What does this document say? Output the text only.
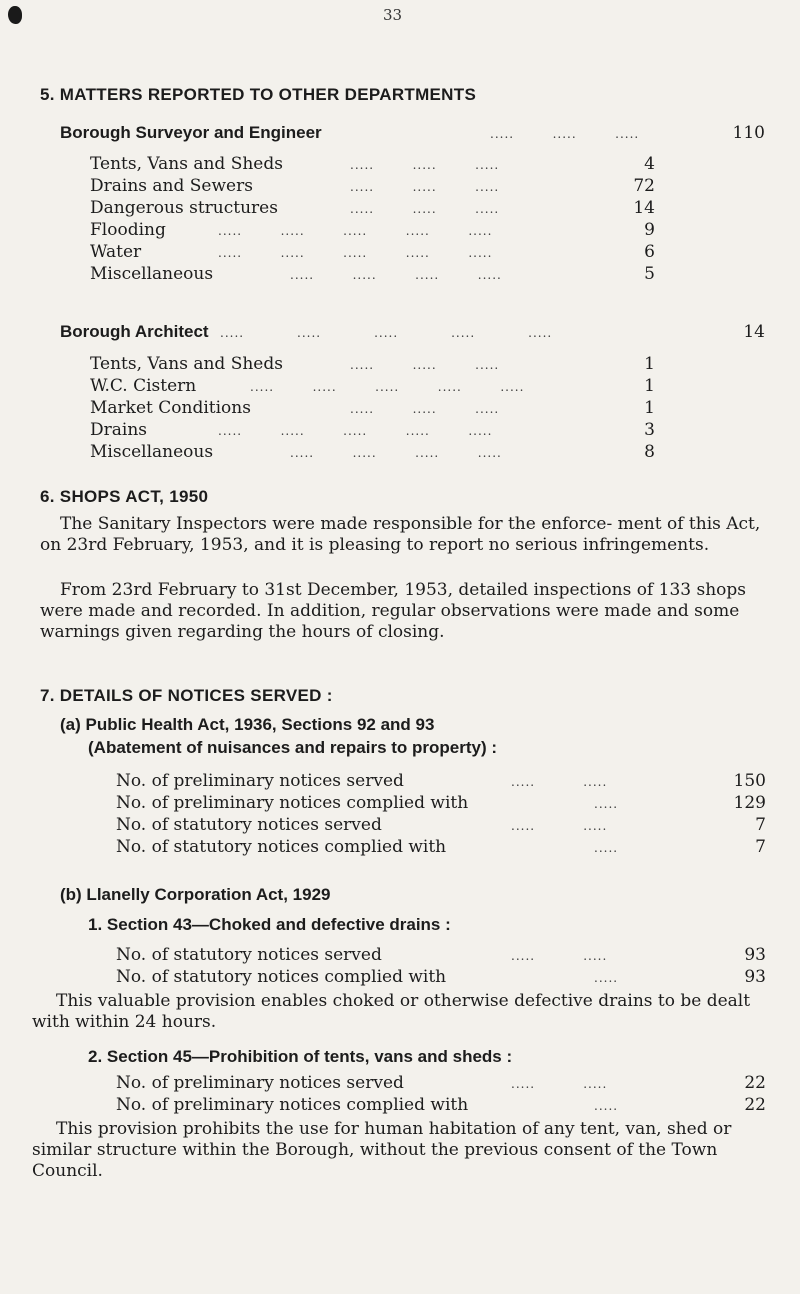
33
5. MATTERS REPORTED TO OTHER DEPARTMENTS
Borough Surveyor and Engineer	.....        .....        .....	110
Tents, Vans and Sheds	.....        .....        .....	4
Drains and Sewers	.....        .....        .....	72
Dangerous structures	.....        .....        .....	14
Flooding	.....        .....        .....        .....        .....	9
Water	.....        .....        .....        .....        .....	6
Miscellaneous	.....        .....        .....        .....	5
Borough Architect .....           .....           .....           .....           .....	14
Tents, Vans and Sheds	.....        .....        .....	1
W.C. Cistern	.....        .....        .....        .....        .....	1
Market Conditions	.....        .....        .....	1
Drains	.....        .....        .....        .....        .....	3
Miscellaneous	.....        .....        .....        .....	8
6. SHOPS ACT, 1950
The Sanitary Inspectors were made responsible for the enforce- ment of this Act, on 23rd February, 1953, and it is pleasing to report no serious infringements.
From 23rd February to 31st December, 1953, detailed inspections of 133 shops were made and recorded. In addition, regular observations were made and some warnings given regarding the hours of closing.
7. DETAILS OF NOTICES SERVED :
(a) Public Health Act, 1936, Sections 92 and 93
(Abatement of nuisances and repairs to property) :
No. of preliminary notices served	.....          .....	150
No. of preliminary notices complied with	.....	129
No. of statutory notices served	.....          .....	7
No. of statutory notices complied with	.....	7
(b) Llanelly Corporation Act, 1929
1. Section 43—Choked and defective drains :
No. of statutory notices served	.....          .....	93
No. of statutory notices complied with	.....	93
This valuable provision enables choked or otherwise defective drains to be dealt with within 24 hours.
2. Section 45—Prohibition of tents, vans and sheds :
No. of preliminary notices served	.....          .....	22
No. of preliminary notices complied with	.....	22
This provision prohibits the use for human habitation of any tent, van, shed or similar structure within the Borough, without the previous consent of the Town Council.
